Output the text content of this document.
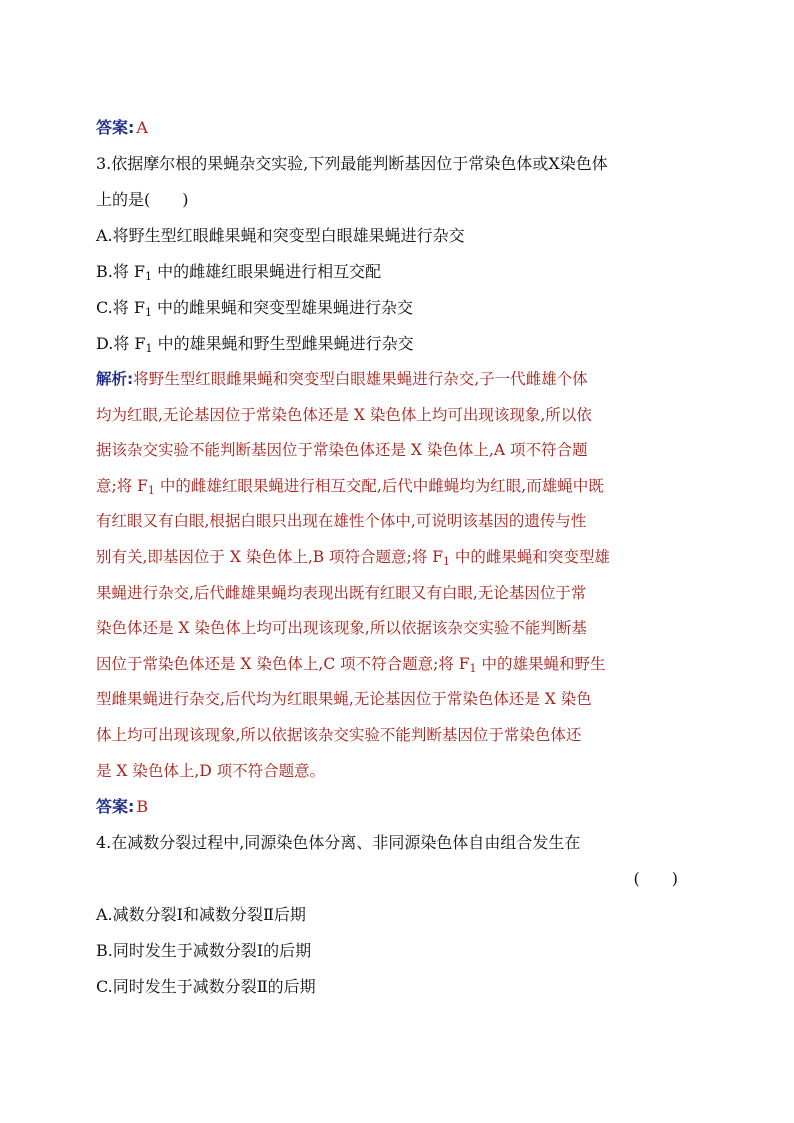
答案: A
3.依据摩尔根的果蝇杂交实验,下列最能判断基因位于常染色体或X染色体
上的是(　　)
A.将野生型红眼雌果蝇和突变型白眼雄果蝇进行杂交
B.将 $F_1$ 中的雌雄红眼果蝇进行相互交配
C.将 $F_1$ 中的雌果蝇和突变型雄果蝇进行杂交
D.将 $F_1$ 中的雄果蝇和野生型雌果蝇进行杂交
解析:将野生型红眼雌果蝇和突变型白眼雄果蝇进行杂交,子一代雌雄个体
均为红眼,无论基因位于常染色体还是 X 染色体上均可出现该现象,所以依
据该杂交实验不能判断基因位于常染色体还是 X 染色体上,A 项不符合题
意;将 $F_1$ 中的雌雄红眼果蝇进行相互交配,后代中雌蝇均为红眼,而雄蝇中既
有红眼又有白眼,根据白眼只出现在雄性个体中,可说明该基因的遗传与性
别有关,即基因位于 X 染色体上,B 项符合题意;将 $F_1$ 中的雌果蝇和突变型雄
果蝇进行杂交,后代雌雄果蝇均表现出既有红眼又有白眼,无论基因位于常
染色体还是 X 染色体上均可出现该现象,所以依据该杂交实验不能判断基
因位于常染色体还是 X 染色体上,C 项不符合题意;将 $F_1$ 中的雄果蝇和野生
型雌果蝇进行杂交,后代均为红眼果蝇,无论基因位于常染色体还是 X 染色
体上均可出现该现象,所以依据该杂交实验不能判断基因位于常染色体还
是 X 染色体上,D 项不符合题意。
答案: B
4.在减数分裂过程中,同源染色体分离、非同源染色体自由组合发生在
(　　)
A.减数分裂Ⅰ和减数分裂Ⅱ后期
B.同时发生于减数分裂Ⅰ的后期
C.同时发生于减数分裂Ⅱ的后期
